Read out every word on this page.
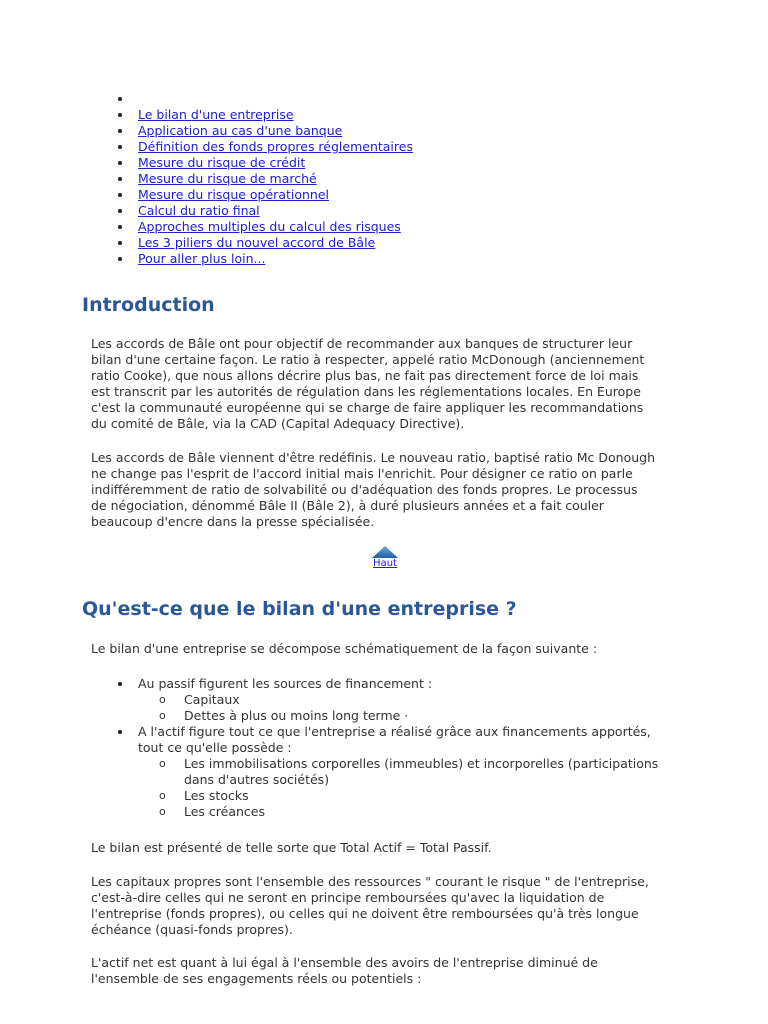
Le bilan d'une entreprise
Application au cas d'une banque
Définition des fonds propres réglementaires
Mesure du risque de crédit
Mesure du risque de marché
Mesure du risque opérationnel
Calcul du ratio final
Approches multiples du calcul des risques
Les 3 piliers du nouvel accord de Bâle
Pour aller plus loin...
Introduction

Les accords de Bâle ont pour objectif de recommander aux banques de structurer leur
bilan d'une certaine façon. Le ratio à respecter, appelé ratio McDonough (anciennement
ratio Cooke), que nous allons décrire plus bas, ne fait pas directement force de loi mais
est transcrit par les autorités de régulation dans les réglementations locales. En Europe
c'est la communauté européenne qui se charge de faire appliquer les recommandations
du comité de Bâle, via la CAD (Capital Adequacy Directive).

Les accords de Bâle viennent d'être redéfinis. Le nouveau ratio, baptisé ratio Mc Donough
ne change pas l'esprit de l'accord initial mais l'enrichit. Pour désigner ce ratio on parle
indifféremment de ratio de solvabilité ou d'adéquation des fonds propres. Le processus
de négociation, dénommé Bâle II (Bâle 2), à duré plusieurs années et a fait couler
beaucoup d'encre dans la presse spécialisée.

Haut
Qu'est-ce que le bilan d'une entreprise ?

Le bilan d'une entreprise se décompose schématiquement de la façon suivante :

Au passif figurent les sources de financement :
o Capitaux
o Dettes à plus ou moins long terme ·
A l'actif figure tout ce que l'entreprise a réalisé grâce aux financements apportés,
tout ce qu'elle possède :
o Les immobilisations corporelles (immeubles) et incorporelles (participations
dans d'autres sociétés)
o Les stocks
o Les créances

Le bilan est présenté de telle sorte que Total Actif = Total Passif.

Les capitaux propres sont l'ensemble des ressources " courant le risque " de l'entreprise,
c'est-à-dire celles qui ne seront en principe remboursées qu'avec la liquidation de
l'entreprise (fonds propres), ou celles qui ne doivent être remboursées qu'à très longue
échéance (quasi-fonds propres).

L'actif net est quant à lui égal à l'ensemble des avoirs de l'entreprise diminué de
l'ensemble de ses engagements réels ou potentiels :
